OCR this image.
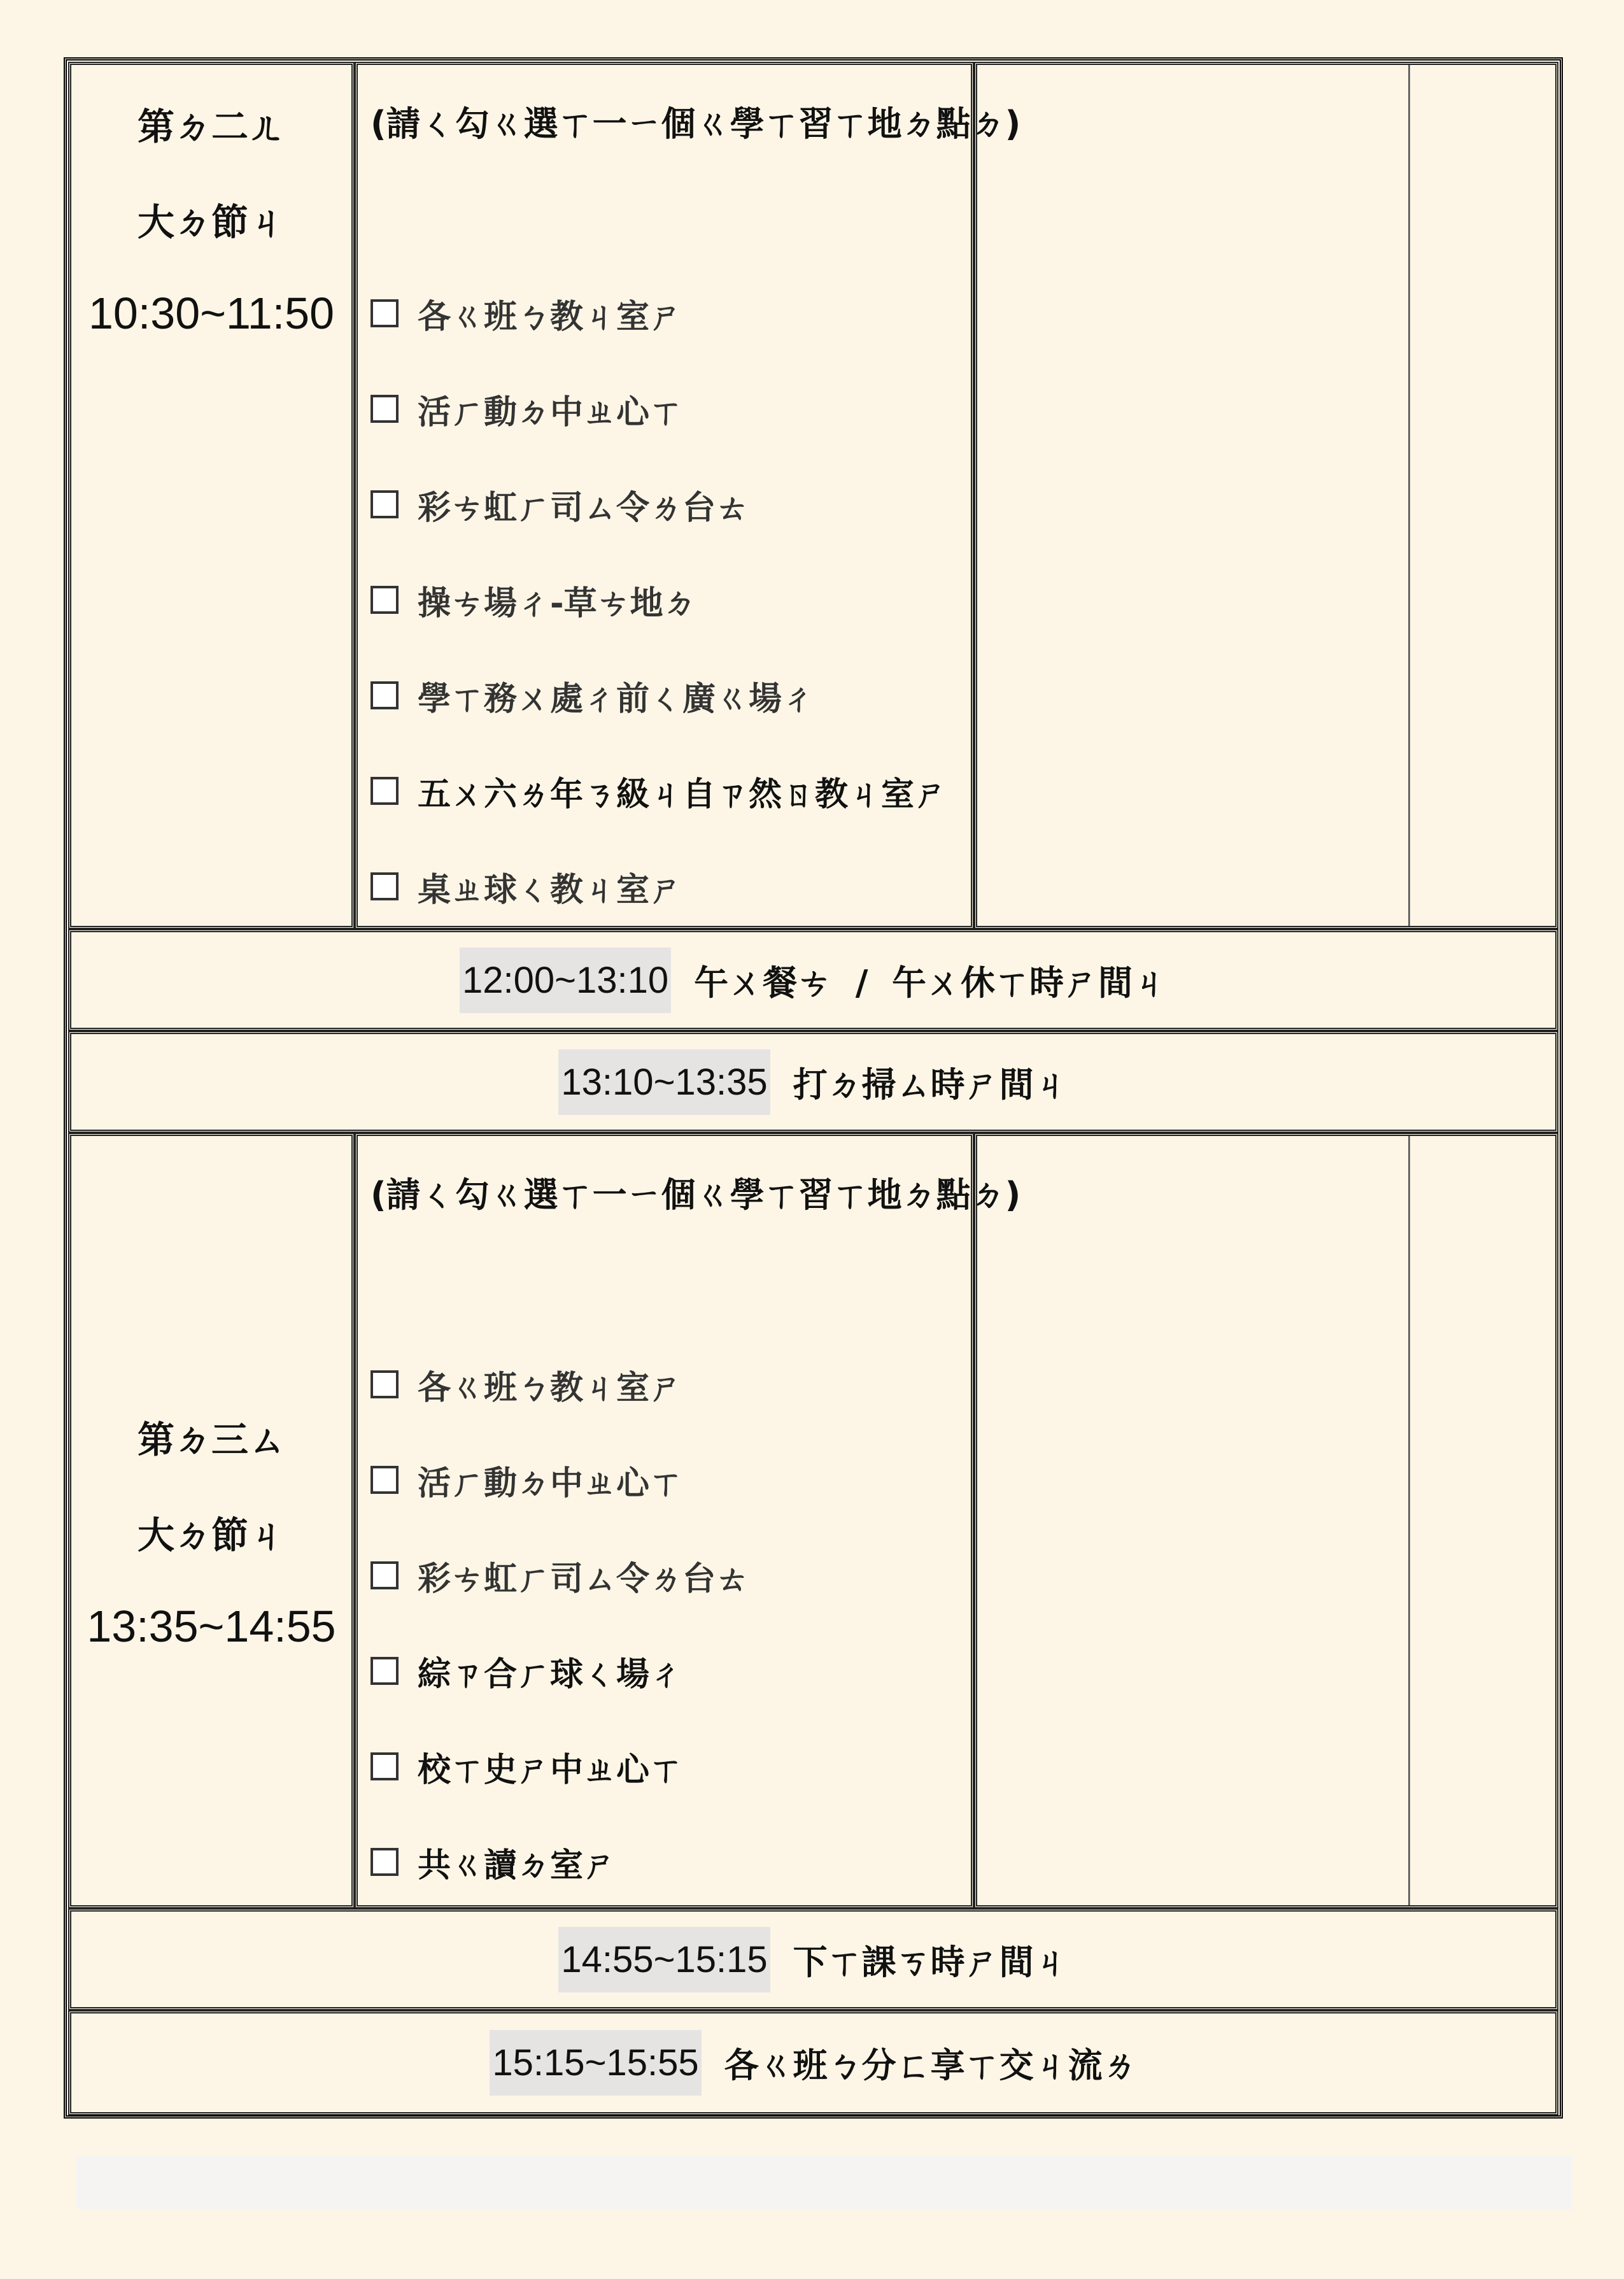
第ㄉ二ㄦ
大ㄉ節ㄐ
10:30~11:50
(請ㄑ勾ㄍ選ㄒ一ㄧ個ㄍ學ㄒ習ㄒ地ㄉ點ㄉ)
各ㄍ班ㄅ教ㄐ室ㄕ
活ㄏ動ㄉ中ㄓ心ㄒ
彩ㄘ虹ㄏ司ㄙ令ㄌ台ㄊ
操ㄘ場ㄔ-草ㄘ地ㄉ
學ㄒ務ㄨ處ㄔ前ㄑ廣ㄍ場ㄔ
五ㄨ六ㄌ年ㄋ級ㄐ自ㄗ然ㄖ教ㄐ室ㄕ
桌ㄓ球ㄑ教ㄐ室ㄕ
12:00~13:10 午ㄨ餐ㄘ  /  午ㄨ休ㄒ時ㄕ間ㄐ
13:10~13:35 打ㄉ掃ㄙ時ㄕ間ㄐ
第ㄉ三ㄙ
大ㄉ節ㄐ
13:35~14:55
(請ㄑ勾ㄍ選ㄒ一ㄧ個ㄍ學ㄒ習ㄒ地ㄉ點ㄉ)
各ㄍ班ㄅ教ㄐ室ㄕ
活ㄏ動ㄉ中ㄓ心ㄒ
彩ㄘ虹ㄏ司ㄙ令ㄌ台ㄊ
綜ㄗ合ㄏ球ㄑ場ㄔ
校ㄒ史ㄕ中ㄓ心ㄒ
共ㄍ讀ㄉ室ㄕ
14:55~15:15 下ㄒ課ㄎ時ㄕ間ㄐ
15:15~15:55 各ㄍ班ㄅ分ㄈ享ㄒ交ㄐ流ㄌ
